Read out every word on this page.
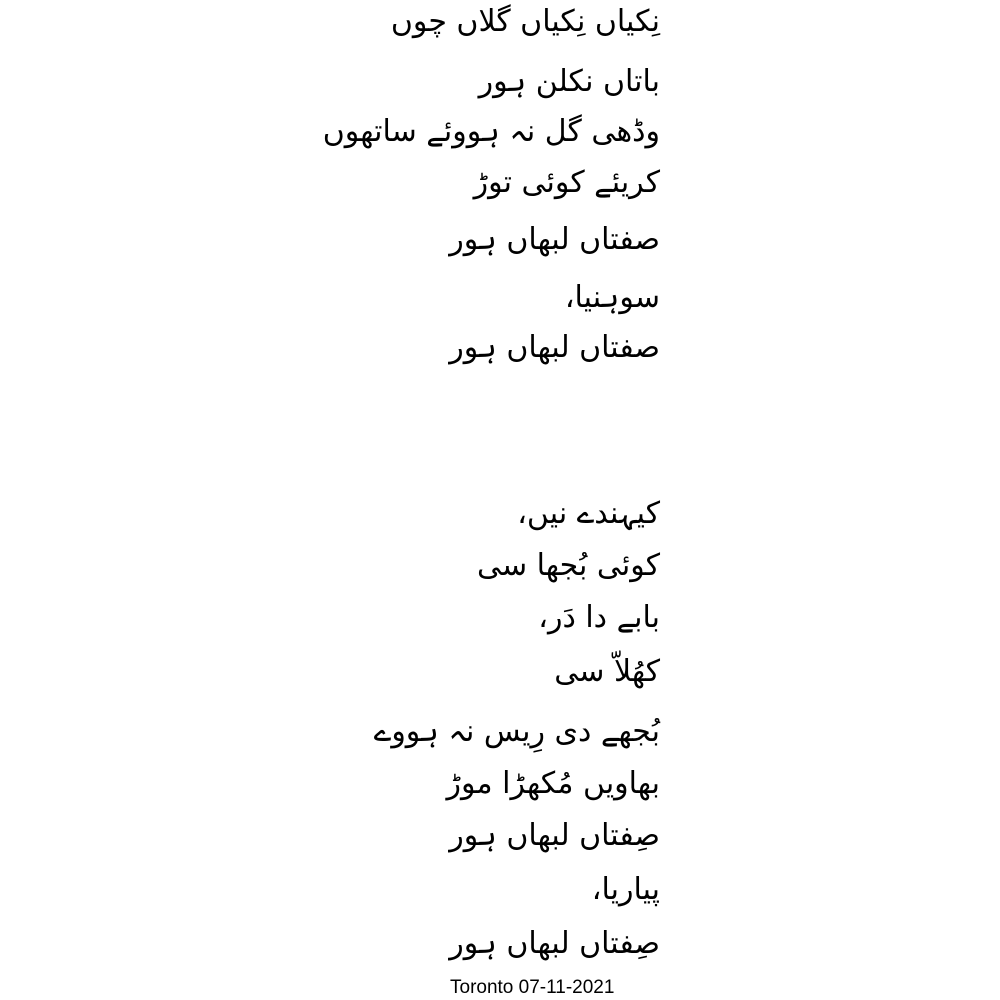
نِکیاں نِکیاں گلاں چوں
باتاں نکلن ہور
وڈھی گل نہ ہووئے ساتھوں
کریئے کوئی توڑ
صفتاں لبھاں ہور
سوہنیا،
صفتاں لبھاں ہور
کیہندے نیں،
کوئی بُجھا سی
بابے دا دَر،
کھُلاّ سی
بُجھے دی رِیس نہ ہووے
بھاویں مُکھڑا موڑ
صِفتاں لبھاں ہور
پیاریا،
صِفتاں لبھاں ہور
Toronto 07-11-2021
